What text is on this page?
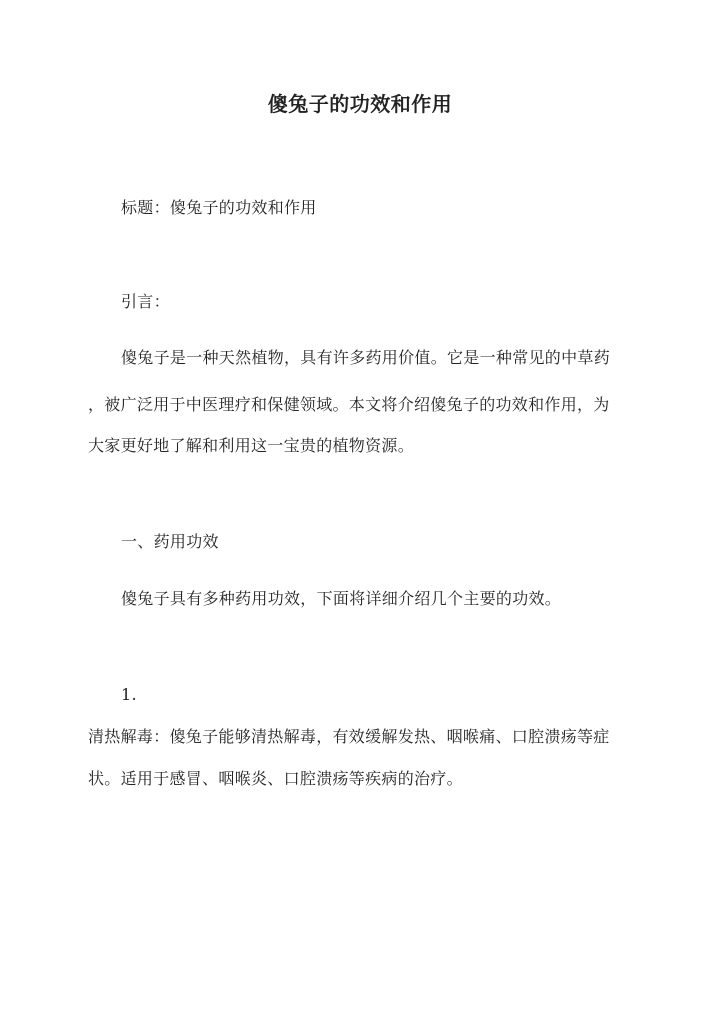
傻兔子的功效和作用
标题：傻兔子的功效和作用
引言：
傻兔子是一种天然植物，具有许多药用价值。它是一种常见的中草药
，被广泛用于中医理疗和保健领域。本文将介绍傻兔子的功效和作用，为
大家更好地了解和利用这一宝贵的植物资源。
一、药用功效
傻兔子具有多种药用功效，下面将详细介绍几个主要的功效。
1.
清热解毒：傻兔子能够清热解毒，有效缓解发热、咽喉痛、口腔溃疡等症
状。适用于感冒、咽喉炎、口腔溃疡等疾病的治疗。
